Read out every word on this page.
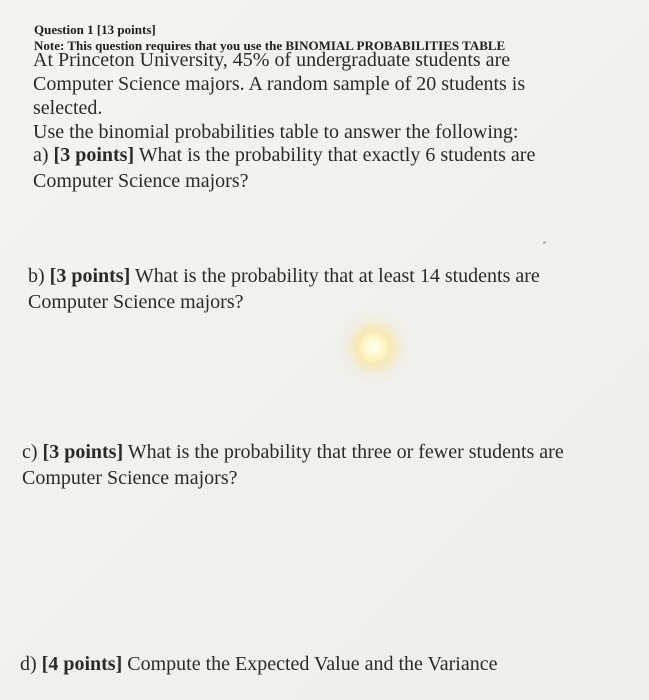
Question 1 [13 points]
Note: This question requires that you use the BINOMIAL PROBABILITIES TABLE
At Princeton University, 45% of undergraduate students are Computer Science majors. A random sample of 20 students is selected.
Use the binomial probabilities table to answer the following:
a) [3 points] What is the probability that exactly 6 students are Computer Science majors?
b) [3 points] What is the probability that at least 14 students are Computer Science majors?
c) [3 points] What is the probability that three or fewer students are Computer Science majors?
d) [4 points] Compute the Expected Value and the Variance
